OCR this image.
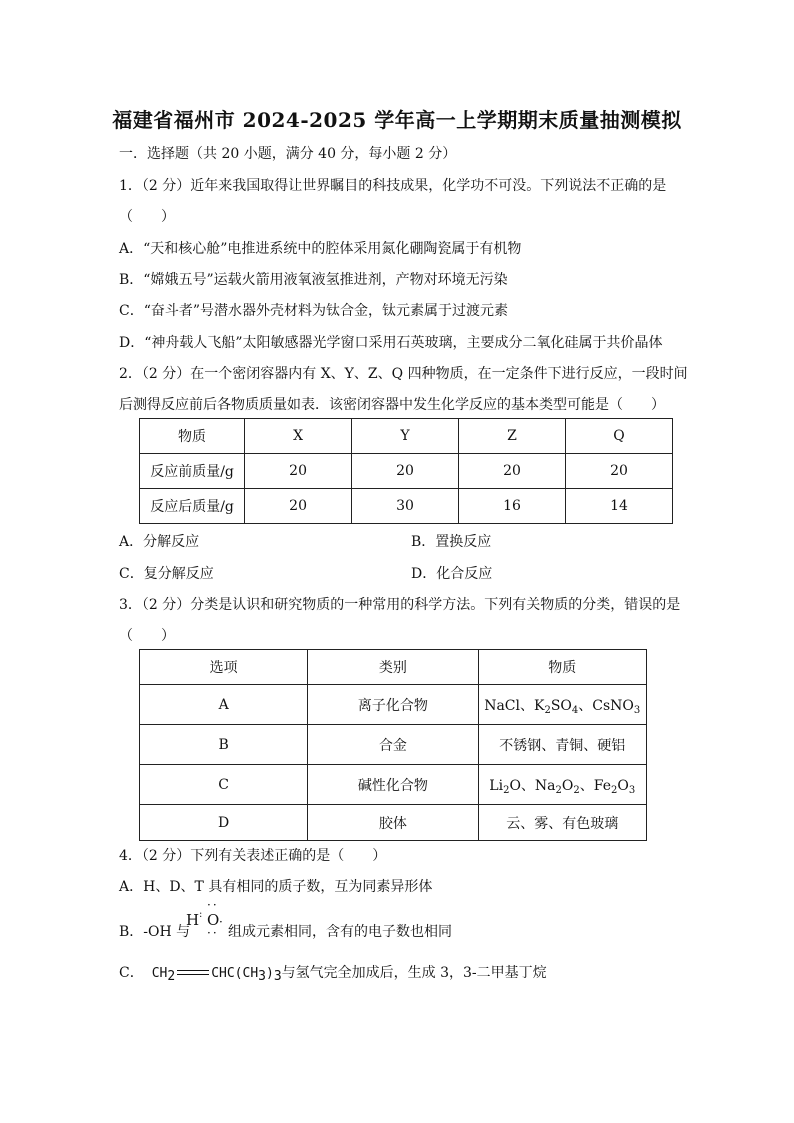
福建省福州市 2024-2025 学年高一上学期期末质量抽测模拟
一．选择题（共 20 小题，满分 40 分，每小题 2 分）
1．（2 分）近年来我国取得让世界瞩目的科技成果，化学功不可没。下列说法不正确的是
（　　）
A．“天和核心舱”电推进系统中的腔体采用氮化硼陶瓷属于有机物
B．“嫦娥五号”运载火箭用液氧液氢推进剂，产物对环境无污染
C．“奋斗者”号潜水器外壳材料为钛合金，钛元素属于过渡元素
D．“神舟载人飞船”太阳敏感器光学窗口采用石英玻璃，主要成分二氧化硅属于共价晶体
2．（2 分）在一个密闭容器内有 X、Y、Z、Q 四种物质，在一定条件下进行反应，一段时间
后测得反应前后各物质质量如表．该密闭容器中发生化学反应的基本类型可能是（　　）
物质	X	Y	Z	Q
反应前质量/g	20	20	20	20
反应后质量/g	20	30	16	14
A．分解反应	B．置换反应
C．复分解反应	D．化合反应
3．（2 分）分类是认识和研究物质的一种常用的科学方法。下列有关物质的分类，错误的是
（　　）
选项	类别	物质
A	离子化合物	NaCl、$K_2SO_4$、CsNO$_3$
B	合金	不锈钢、青铜、硬铝
C	碱性化合物	$Li_2O$、$Na_2O_2$、$Fe_2O_3$
D	胶体	云、雾、有色玻璃
4．（2 分）下列有关表述正确的是（　　）
A．H、D、T 具有相同的质子数，互为同素异形体
B．-OH 与
H : O
··
··
·
组成元素相同，含有的电子数也相同
C． $CH_2$	$CHC(CH_3)_3$与氢气完全加成后，生成 3，3-二甲基丁烷
